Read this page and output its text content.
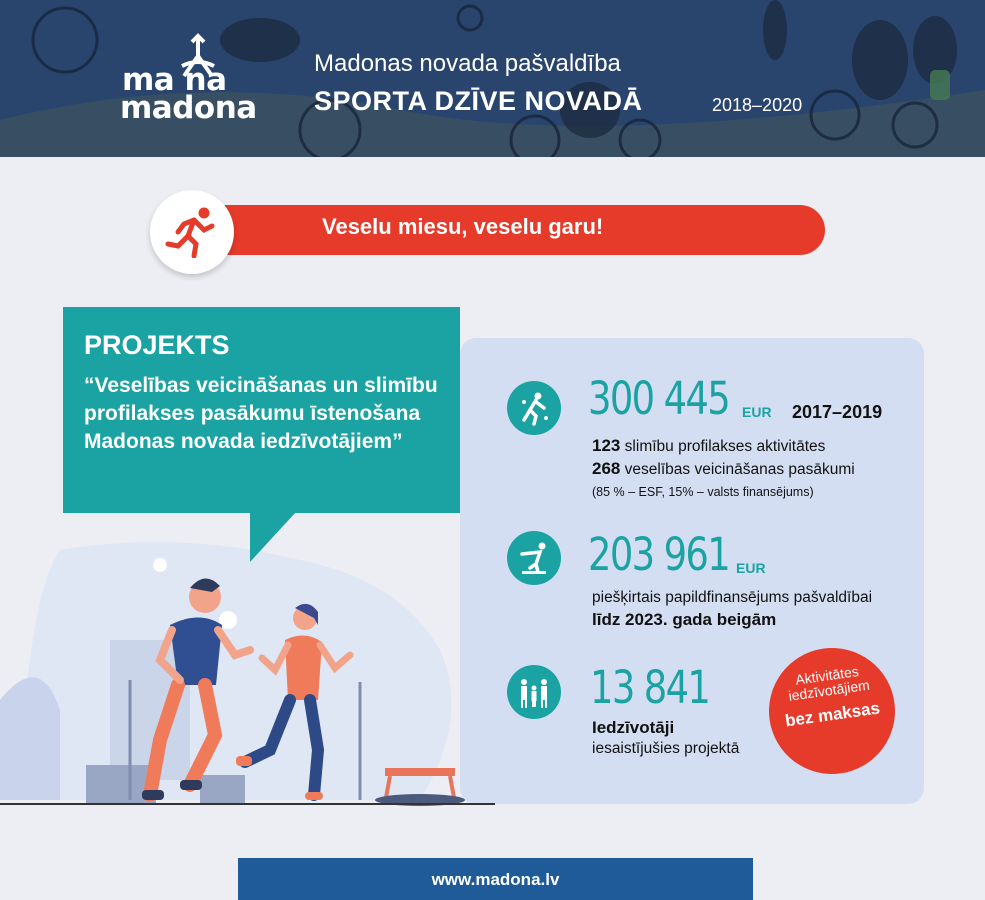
ma na
madona
Madonas novada pašvaldība
SPORTA DZĪVE NOVADĀ	2018–2020
Veselu miesu, veselu garu!
PROJEKTS
“Veselības veicināšanas un slimību profilakses pasākumu īstenošana Madonas novada iedzīvotājiem”
300 445 EUR 2017–2019
123 slimību profilakses aktivitātes
268 veselības veicināšanas pasākumi
(85 % – ESF, 15% – valsts finansējums)
203 961 EUR
piešķirtais papildfinansējums pašvaldībai
līdz 2023. gada beigām
13 841
Iedzīvotāji
iesaistījušies projektā
Aktivitātes iedzīvotājiem
bez maksas
www.madona.lv
